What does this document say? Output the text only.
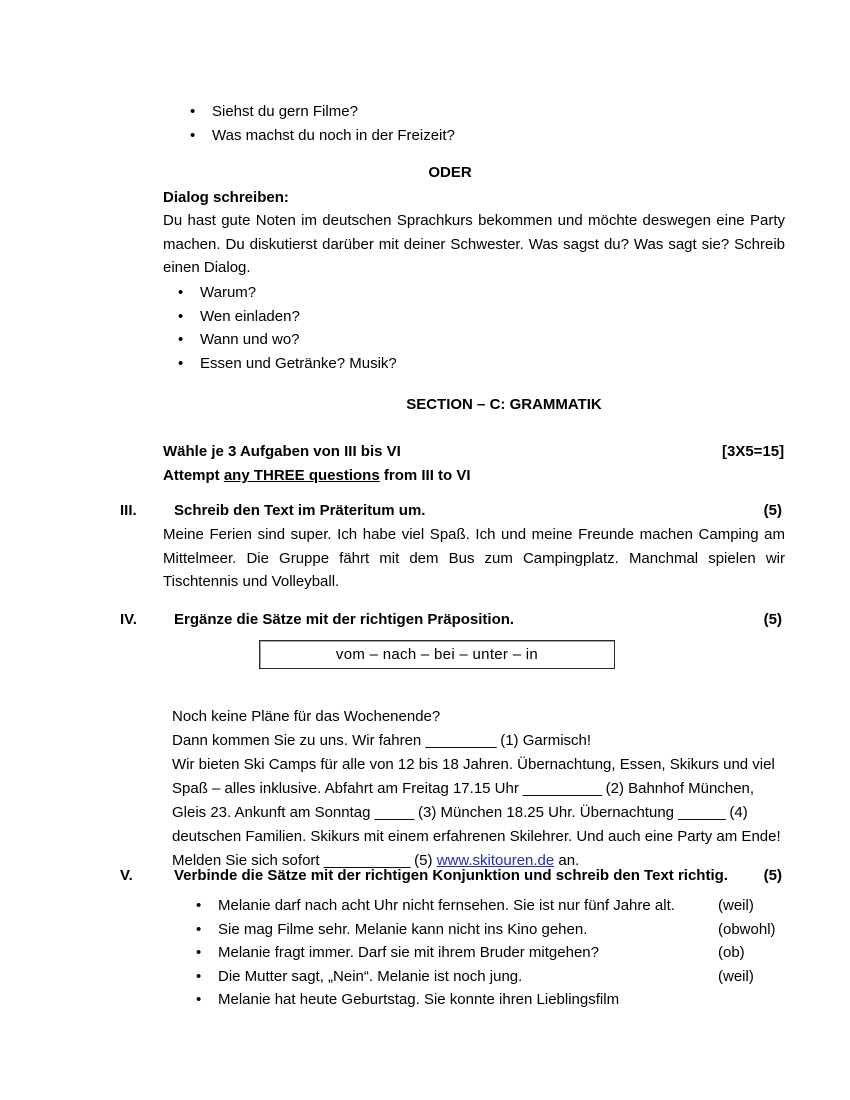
• Siehst du gern Filme?
• Was machst du noch in der Freizeit?
ODER
Dialog schreiben:
Du hast gute Noten im deutschen Sprachkurs bekommen und möchte deswegen eine Party machen. Du diskutierst darüber mit deiner Schwester. Was sagst du? Was sagt sie? Schreib einen Dialog.
• Warum?
• Wen einladen?
• Wann und wo?
• Essen und Getränke? Musik?
SECTION – C: GRAMMATIK
Wähle je 3 Aufgaben von III bis VI	[3X5=15]
Attempt any THREE questions from III to VI
III.	Schreib den Text im Präteritum um.	(5)
Meine Ferien sind super. Ich habe viel Spaß. Ich und meine Freunde machen Camping am Mittelmeer. Die Gruppe fährt mit dem Bus zum Campingplatz. Manchmal spielen wir Tischtennis und Volleyball.
IV.	Ergänze die Sätze mit der richtigen Präposition.	(5)
vom – nach – bei – unter – in
Noch keine Pläne für das Wochenende?
Dann kommen Sie zu uns. Wir fahren _________ (1) Garmisch!
Wir bieten Ski Camps für alle von 12 bis 18 Jahren. Übernachtung, Essen, Skikurs und viel
Spaß – alles inklusive. Abfahrt am Freitag 17.15 Uhr __________ (2) Bahnhof München,
Gleis 23. Ankunft am Sonntag _____ (3) München 18.25 Uhr. Übernachtung ______ (4)
deutschen Familien. Skikurs mit einem erfahrenen Skilehrer. Und auch eine Party am Ende!
Melden Sie sich sofort ___________ (5) www.skitouren.de an.
V.	Verbinde die Sätze mit der richtigen Konjunktion und schreib den Text richtig.	(5)
• Melanie darf nach acht Uhr nicht fernsehen. Sie ist nur fünf Jahre alt.	(weil)
• Sie mag Filme sehr. Melanie kann nicht ins Kino gehen.	(obwohl)
• Melanie fragt immer. Darf sie mit ihrem Bruder mitgehen?	(ob)
• Die Mutter sagt, „Nein“. Melanie ist noch jung.	(weil)
• Melanie hat heute Geburtstag. Sie konnte ihren Lieblingsfilm
